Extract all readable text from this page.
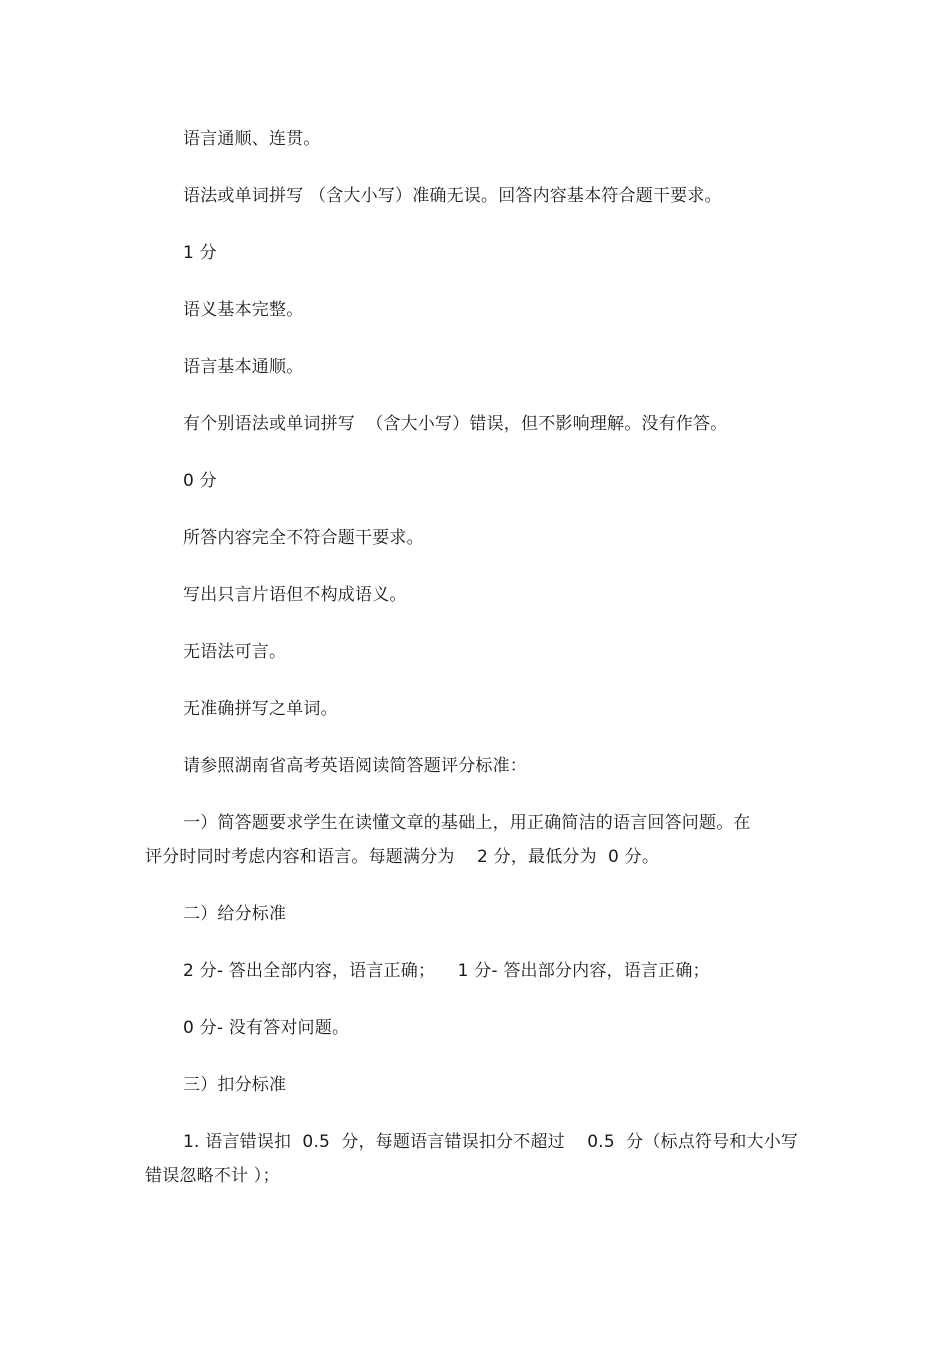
语言通顺、连贯。
语法或单词拼写 （含大小写）准确无误。回答内容基本符合题干要求。
1 分
语义基本完整。
语言基本通顺。
有个别语法或单词拼写  （含大小写）错误，但不影响理解。没有作答。
0 分
所答内容完全不符合题干要求。
写出只言片语但不构成语义。
无语法可言。
无准确拼写之单词。
请参照湖南省高考英语阅读简答题评分标准：
一）简答题要求学生在读懂文章的基础上，用正确简洁的语言回答问题。在
评分时同时考虑内容和语言。每题满分为    2 分，最低分为  0 分。
二）给分标准
2 分- 答出全部内容，语言正确；    1 分- 答出部分内容，语言正确；
0 分- 没有答对问题。
三）扣分标准
1. 语言错误扣  0.5  分，每题语言错误扣分不超过    0.5  分（标点符号和大小写
错误忽略不计 ）；
